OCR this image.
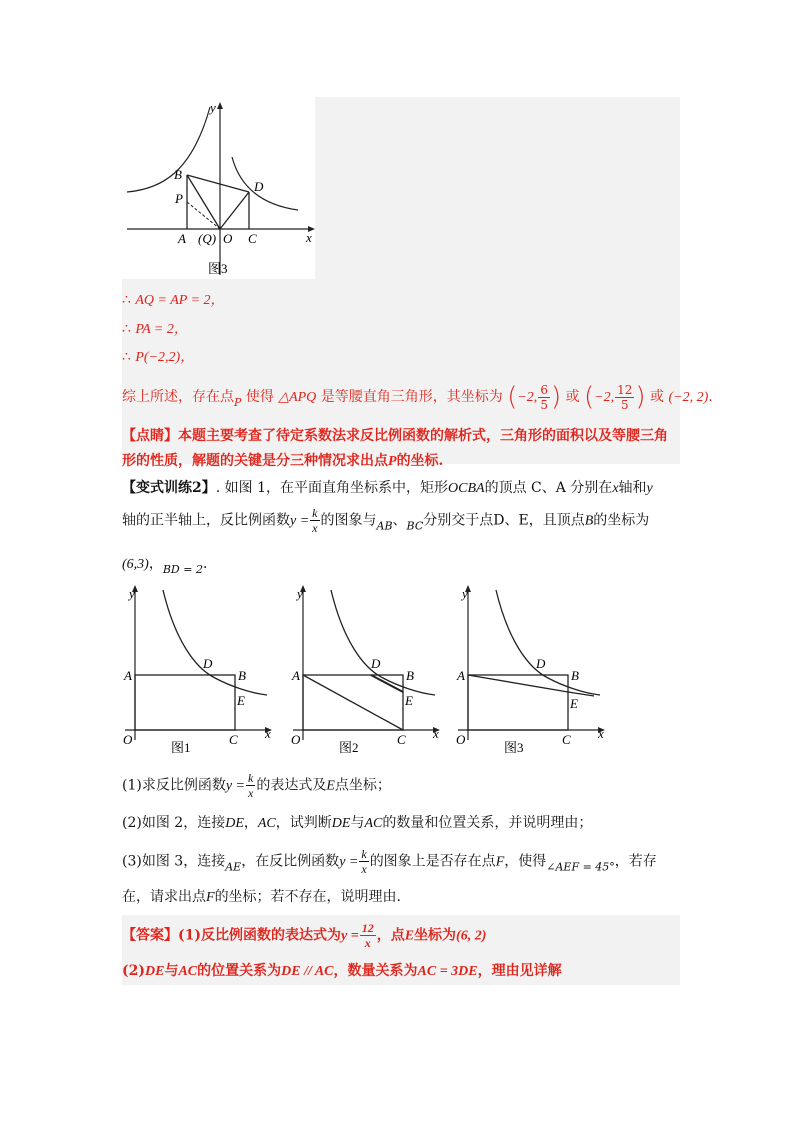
y
x
B
P
A (Q) O
D
C
图3
∴ AQ = AP = 2，
∴ PA = 2，
∴ P(−2,2)，
综上所述，存在点$_P$ 使得 △APQ 是等腰直角三角形，其坐标为 (−2, $\frac{6}{5}$ ) 或 (−2, $\frac{12}{5}$ ) 或 (−2, 2).
【点睛】本题主要考查了待定系数法求反比例函数的解析式，三角形的面积以及等腰三角
形的性质，解题的关键是分三种情况求出点P的坐标.
【变式训练2】. 如图 1，在平面直角坐标系中，矩形OCBA的顶点 C、A 分别在x轴和y
轴的正半轴上，反比例函数$y = \frac{k}{x}$ 的图象与$_{AB}$、$_{BC}$分别交于点D、E，且顶点B的坐标为
(6,3)，$_{BD = 2}$.
y
x
A
D
B
E
O	C
图1
y
x
A
D
B
E
O	C
图2
y
x
A
D
B
E
O	C
图3
(1)求反比例函数$y = \frac{k}{x}$ 的表达式及E点坐标；
(2)如图 2，连接DE，AC，试判断DE与AC的数量和位置关系，并说明理由；
(3)如图 3，连接$_{AE}$，在反比例函数$y = \frac{k}{x}$ 的图象上是否存在点F，使得$_{\angle AEF = 45^\circ}$，若存
在，请求出点F的坐标；若不存在，说明理由.
【答案】(1)反比例函数的表达式为$y = \frac{12}{x}$ ，点E坐标为(6, 2)
(2)DE与AC的位置关系为DE // AC，数量关系为AC = 3DE，理由见详解
